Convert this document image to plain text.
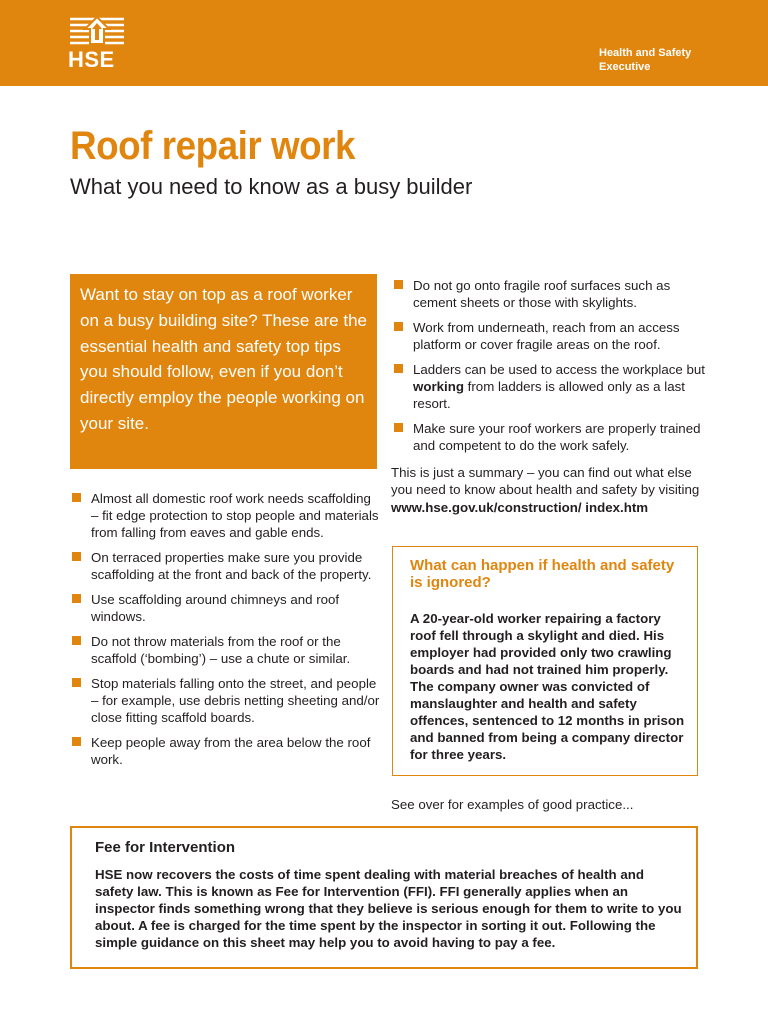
HSE	Health and Safety
Executive
Roof repair work
What you need to know as a busy builder

Want to stay on top as a roof worker on a busy building site? These are the essential health and safety top tips you should follow, even if you don’t directly employ the people working on your site.

Almost all domestic roof work needs scaffolding – fit edge protection to stop people and materials from falling from eaves and gable ends.
On terraced properties make sure you provide scaffolding at the front and back of the property.
Use scaffolding around chimneys and roof windows.
Do not throw materials from the roof or the scaffold (‘bombing’) – use a chute or similar.
Stop materials falling onto the street, and people – for example, use debris netting sheeting and/or close fitting scaffold boards.
Keep people away from the area below the roof work.
Do not go onto fragile roof surfaces such as cement sheets or those with skylights.
Work from underneath, reach from an access platform or cover fragile areas on the roof.
Ladders can be used to access the workplace but working from ladders is allowed only as a last resort.
Make sure your roof workers are properly trained and competent to do the work safely.

This is just a summary – you can find out what else you need to know about health and safety by visiting www.hse.gov.uk/construction/ index.htm

What can happen if health and safety is ignored?

A 20-year-old worker repairing a factory roof fell through a skylight and died. His employer had provided only two crawling boards and had not trained him properly. The company owner was convicted of manslaughter and health and safety offences, sentenced to 12 months in prison and banned from being a company director for three years.

See over for examples of good practice...
Fee for Intervention

HSE now recovers the costs of time spent dealing with material breaches of health and safety law. This is known as Fee for Intervention (FFI). FFI generally applies when an inspector finds something wrong that they believe is serious enough for them to write to you about. A fee is charged for the time spent by the inspector in sorting it out. Following the simple guidance on this sheet may help you to avoid having to pay a fee.
